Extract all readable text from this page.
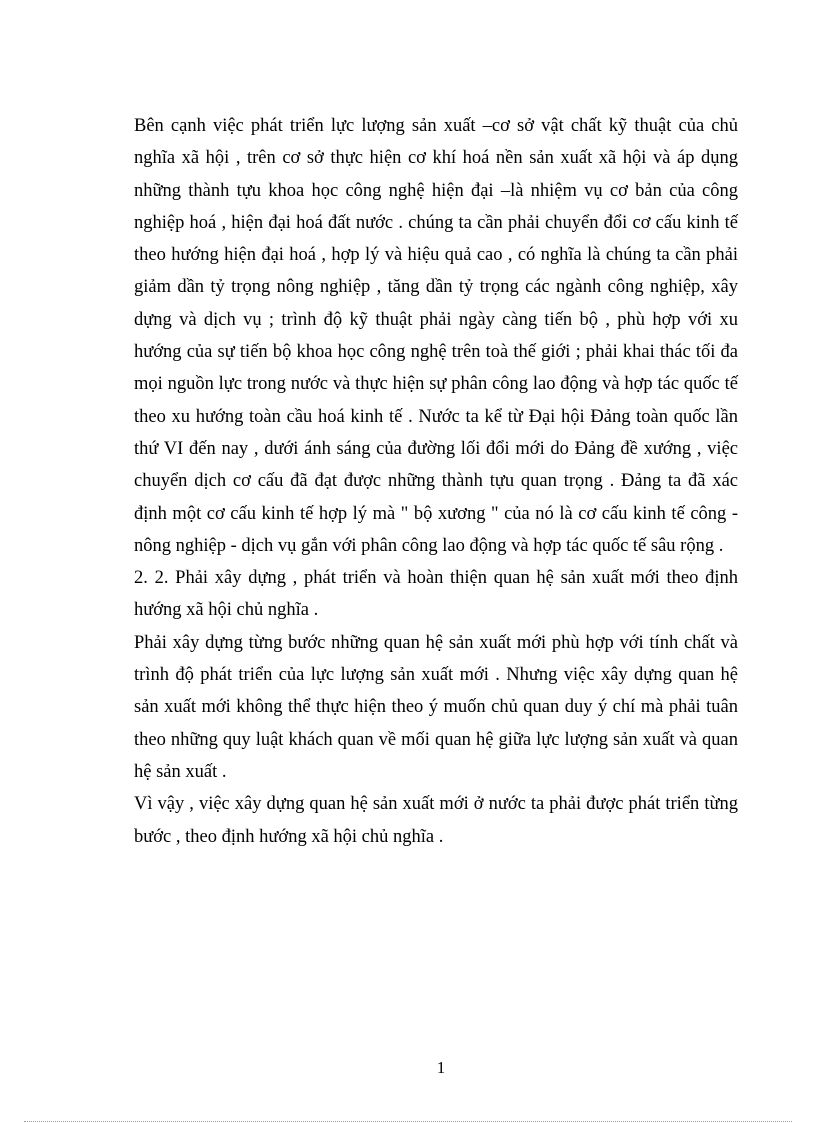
Bên cạnh việc phát triển lực lượng sản xuất –cơ sở vật chất kỹ thuật của chủ nghĩa xã hội , trên cơ sở thực hiện cơ khí hoá nền sản xuất xã hội và áp dụng những thành tựu khoa học công nghệ hiện đại –là nhiệm vụ cơ bản của công nghiệp hoá , hiện đại hoá đất nước . chúng ta cần phải chuyển đổi cơ cấu kinh tế theo hướng hiện đại hoá , hợp lý và hiệu quả cao , có nghĩa là chúng ta cần phải giảm dần tỷ trọng nông nghiệp , tăng dần tỷ trọng các ngành công nghiệp, xây dựng và dịch vụ ; trình độ kỹ thuật phải ngày càng tiến bộ , phù hợp với xu hướng của sự tiến bộ khoa học công nghệ trên toà thế giới ; phải khai thác tối đa mọi nguồn lực trong nước và thực hiện sự phân công lao động và hợp tác quốc tế theo xu hướng toàn cầu hoá kinh tế . Nước ta kể từ Đại hội Đảng toàn quốc lần thứ VI đến nay , dưới ánh sáng của đường lối đổi mới do Đảng đề xướng , việc chuyển dịch cơ cấu đã đạt được những thành tựu quan trọng . Đảng ta đã xác định một cơ cấu kinh tế hợp lý mà " bộ xương " của nó là cơ cấu kinh tế công - nông nghiệp - dịch vụ gắn với phân công lao động và hợp tác quốc tế sâu rộng .

2. 2. Phải xây dựng , phát triển và hoàn thiện quan hệ sản xuất mới theo định hướng xã hội chủ nghĩa .

Phải xây dựng từng bước những quan hệ sản xuất mới phù hợp với tính chất và trình độ phát triển của lực lượng sản xuất mới . Nhưng việc xây dựng quan hệ sản xuất mới không thể thực hiện theo ý muốn chủ quan duy ý chí mà phải tuân theo những quy luật khách quan về mối quan hệ giữa lực lượng sản xuất và quan hệ sản xuất .

Vì vậy , việc xây dựng quan hệ sản xuất mới ở nước ta phải được phát triển từng bước , theo định hướng xã hội chủ nghĩa .

1
